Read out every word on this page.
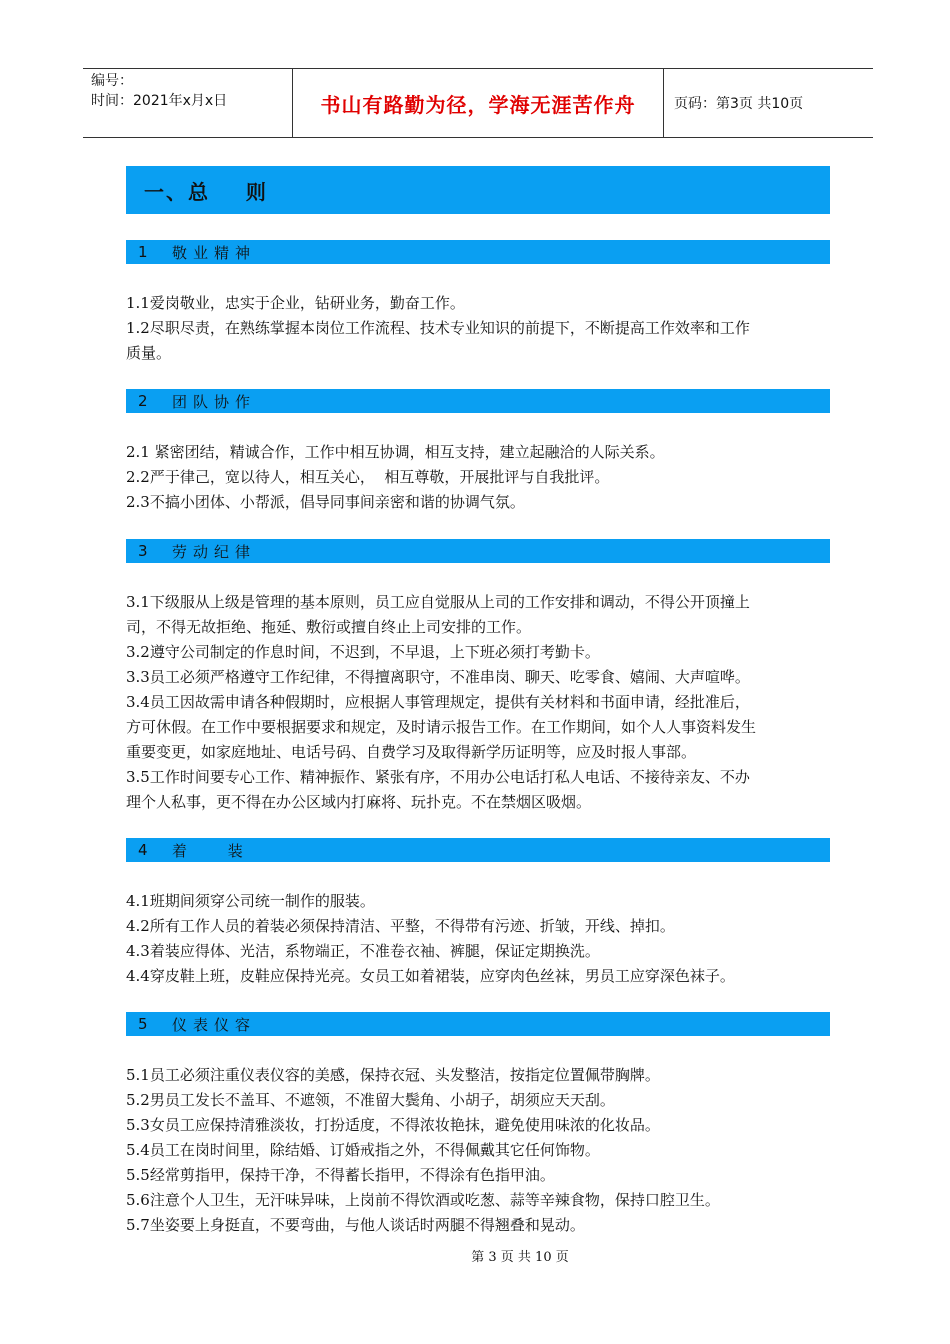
编号：
时间：2021年x月x日	书山有路勤为径，学海无涯苦作舟	页码： 第3页 共10页
一、总    则
1	敬业精神

1.1爱岗敬业，忠实于企业，钻研业务，勤奋工作。

1.2尽职尽责，在熟练掌握本岗位工作流程、技术专业知识的前提下，不断提高工作效率和工作

质量。

2	团队协作

2.1 紧密团结，精诚合作，工作中相互协调，相互支持，建立起融洽的人际关系。

2.2严于律己，宽以待人，相互关心，  相互尊敬，开展批评与自我批评。

2.3不搞小团体、小帮派，倡导同事间亲密和谐的协调气氛。

3	劳动纪律

3.1下级服从上级是管理的基本原则，员工应自觉服从上司的工作安排和调动，不得公开顶撞上

司，不得无故拒绝、拖延、敷衍或擅自终止上司安排的工作。

3.2遵守公司制定的作息时间，不迟到，不早退，上下班必须打考勤卡。

3.3员工必须严格遵守工作纪律，不得擅离职守，不准串岗、聊天、吃零食、嬉闹、大声喧哗。

3.4员工因故需申请各种假期时，应根据人事管理规定，提供有关材料和书面申请，经批准后，

方可休假。在工作中要根据要求和规定，及时请示报告工作。在工作期间，如个人人事资料发生

重要变更，如家庭地址、电话号码、自费学习及取得新学历证明等，应及时报人事部。

3.5工作时间要专心工作、精神振作、紧张有序，不用办公电话打私人电话、不接待亲友、不办

理个人私事，更不得在办公区域内打麻将、玩扑克。不在禁烟区吸烟。

4	着 装

4.1班期间须穿公司统一制作的服装。

4.2所有工作人员的着装必须保持清洁、平整，不得带有污迹、折皱，开线、掉扣。

4.3着装应得体、光洁，系物端正，不准卷衣袖、裤腿，保证定期换洗。

4.4穿皮鞋上班，皮鞋应保持光亮。女员工如着裙装，应穿肉色丝袜，男员工应穿深色袜子。

5	仪表仪容

5.1员工必须注重仪表仪容的美感，保持衣冠、头发整洁，按指定位置佩带胸牌。

5.2男员工发长不盖耳、不遮领，不准留大鬓角、小胡子，胡须应天天刮。

5.3女员工应保持清雅淡妆，打扮适度，不得浓妆艳抹，避免使用味浓的化妆品。

5.4员工在岗时间里，除结婚、订婚戒指之外，不得佩戴其它任何饰物。

5.5经常剪指甲，保持干净，不得蓄长指甲，不得涂有色指甲油。

5.6注意个人卫生，无汗味异味，上岗前不得饮酒或吃葱、蒜等辛辣食物，保持口腔卫生。

5.7坐姿要上身挺直，不要弯曲，与他人谈话时两腿不得翘叠和晃动。

第 3 页 共 10 页
